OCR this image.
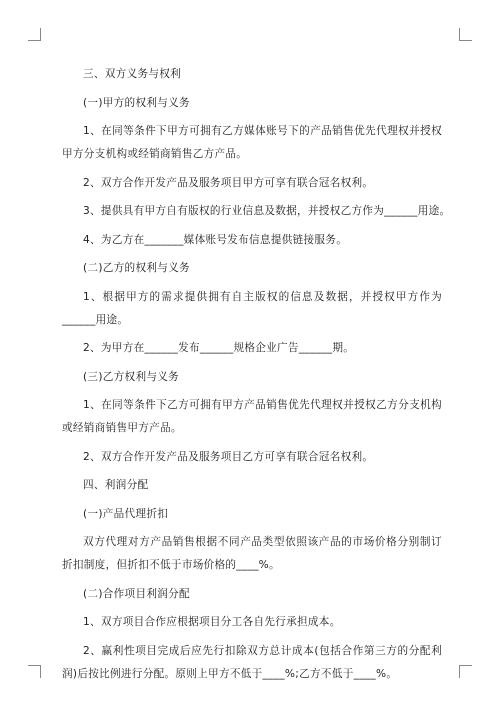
三、双方义务与权利

(一)甲方的权利与义务

1、在同等条件下甲方可拥有乙方媒体账号下的产品销售优先代理权并授权甲方分支机构或经销商销售乙方产品。

2、双方合作开发产品及服务项目甲方可享有联合冠名权利。

3、提供具有甲方自有版权的行业信息及数据，并授权乙方作为______用途。

4、为乙方在_______媒体账号发布信息提供链接服务。

(二)乙方的权利与义务

1、根据甲方的需求提供拥有自主版权的信息及数据，并授权甲方作为______用途。

2、为甲方在______发布______规格企业广告______期。

(三)乙方权利与义务

1、在同等条件下乙方可拥有甲方产品销售优先代理权并授权乙方分支机构或经销商销售甲方产品。

2、双方合作开发产品及服务项目乙方可享有联合冠名权利。

四、利润分配

(一)产品代理折扣

双方代理对方产品销售根据不同产品类型依照该产品的市场价格分别制订折扣制度，但折扣不低于市场价格的____%。

(二)合作项目利润分配

1、双方项目合作应根据项目分工各自先行承担成本。

2、赢利性项目完成后应先行扣除双方总计成本(包括合作第三方的分配利润)后按比例进行分配。原则上甲方不低于____%;乙方不低于____%。
